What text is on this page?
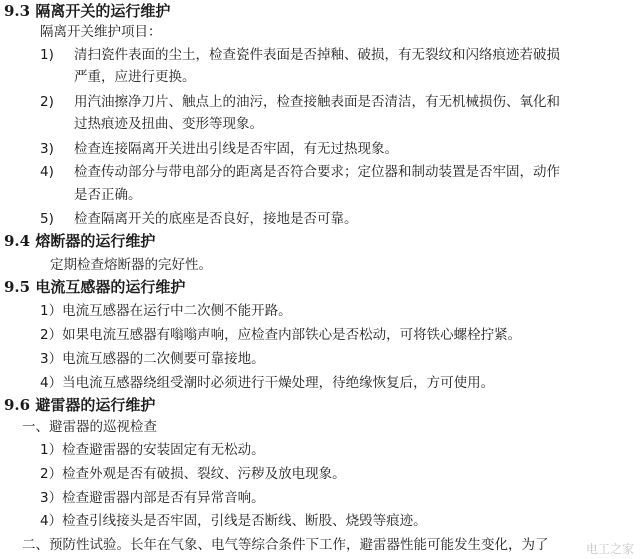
9.3 隔离开关的运行维护
隔离开关维护项目：
1) 清扫瓷件表面的尘土，检查瓷件表面是否掉釉、破损，有无裂纹和闪络痕迹若破损
严重，应进行更换。
2) 用汽油擦净刀片、触点上的油污，检查接触表面是否清洁，有无机械损伤、氧化和
过热痕迹及扭曲、变形等现象。
3) 检查连接隔离开关进出引线是否牢固，有无过热现象。
4) 检查传动部分与带电部分的距离是否符合要求；定位器和制动装置是否牢固，动作
是否正确。
5) 检查隔离开关的底座是否良好，接地是否可靠。
9.4 熔断器的运行维护
定期检查熔断器的完好性。
9.5 电流互感器的运行维护
1）电流互感器在运行中二次侧不能开路。
2）如果电流互感器有嗡嗡声响，应检查内部铁心是否松动，可将铁心螺栓拧紧。
3）电流互感器的二次侧要可靠接地。
4）当电流互感器绕组受潮时必须进行干燥处理，待绝缘恢复后，方可使用。
9.6 避雷器的运行维护
一、避雷器的巡视检查
1）检查避雷器的安装固定有无松动。
2）检查外观是否有破损、裂纹、污秽及放电现象。
3）检查避雷器内部是否有异常音响。
4）检查引线接头是否牢固，引线是否断线、断股、烧毁等痕迹。
二、预防性试验。长年在气象、电气等综合条件下工作，避雷器性能可能发生变化，为了	电工之家
